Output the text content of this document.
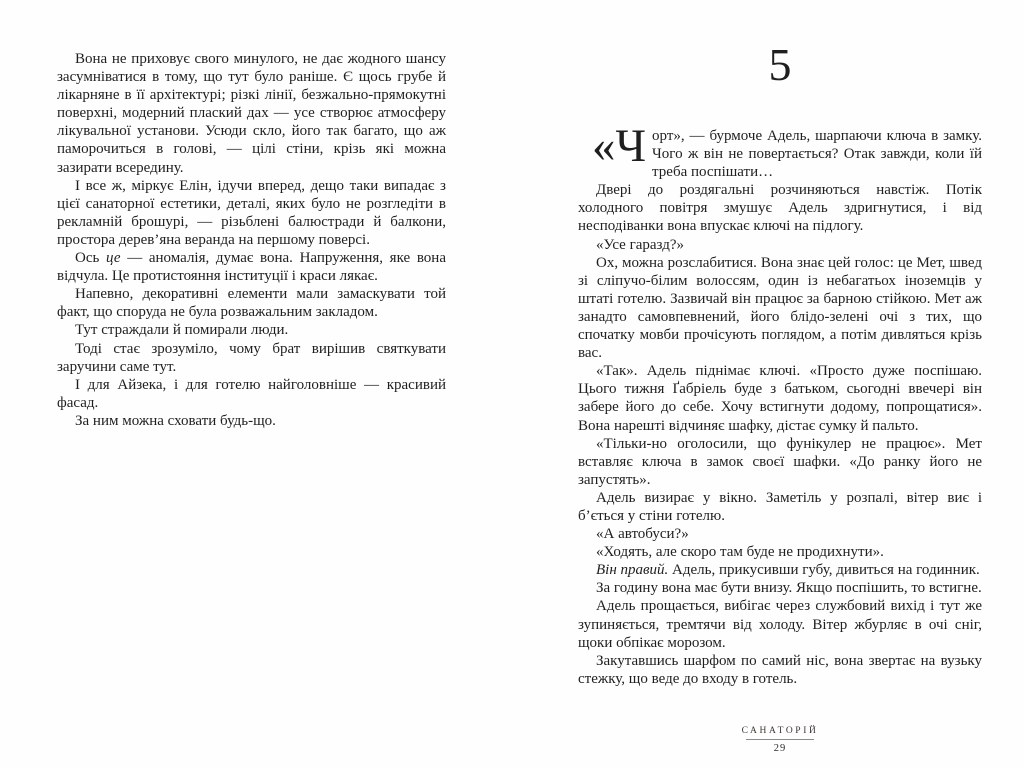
Вона не приховує свого минулого, не дає жодного шансу засумніватися в тому, що тут було раніше. Є щось грубе й лікарняне в її архітектурі; різкі лінії, безжально-прямокутні поверхні, модерний плаский дах — усе створює атмосферу лікувальної установи. Усюди скло, його так багато, що аж паморочиться в голові, — цілі стіни, крізь які можна зазирати всередину.

І все ж, міркує Елін, ідучи вперед, дещо таки випадає з цієї санаторної естетики, деталі, яких було не розгледіти в рекламній брошурі, — різьблені балюстради й балкони, простора дерев’яна веранда на першому поверсі.

Ось це — аномалія, думає вона. Напруження, яке вона відчула. Це протистояння інституції і краси лякає.

Напевно, декоративні елементи мали замаскувати той факт, що споруда не була розважальним закладом.

Тут страждали й помирали люди.

Тоді стає зрозуміло, чому брат вирішив святкувати заручини саме тут.

І для Айзека, і для готелю найголовніше — красивий фасад.

За ним можна сховати будь-що.

5

«Чорт», — бурмоче Адель, шарпаючи ключа в замку. Чого ж він не повертається? Отак завжди, коли їй треба поспішати…

Двері до роздягальні розчиняються навстіж. Потік холодного повітря змушує Адель здригнутися, і від несподіванки вона впускає ключі на підлогу.

«Усе гаразд?»

Ох, можна розслабитися. Вона знає цей голос: це Мет, швед зі сліпучо-білим волоссям, один із небагатьох іноземців у штаті готелю. Зазвичай він працює за барною стійкою. Мет аж занадто самовпевнений, його блідо-зелені очі з тих, що спочатку мовби прочісують поглядом, а потім дивляться крізь вас.

«Так». Адель піднімає ключі. «Просто дуже поспішаю. Цього тижня Ґабріель буде з батьком, сьогодні ввечері він забере його до себе. Хочу встигнути додому, попрощатися». Вона нарешті відчиняє шафку, дістає сумку й пальто.

«Тільки-но оголосили, що фунікулер не працює». Мет вставляє ключа в замок своєї шафки. «До ранку його не запустять».

Адель визирає у вікно. Заметіль у розпалі, вітер виє і б’ється у стіни готелю.

«А автобуси?»

«Ходять, але скоро там буде не продихнути».

Він правий. Адель, прикусивши губу, дивиться на годинник.

За годину вона має бути внизу. Якщо поспішить, то встигне.

Адель прощається, вибігає через службовий вихід і тут же зупиняється, тремтячи від холоду. Вітер жбурляє в очі сніг, щоки обпікає морозом.

Закутавшись шарфом по самий ніс, вона звертає на вузьку стежку, що веде до входу в готель.

САНАТОРІЙ
29
